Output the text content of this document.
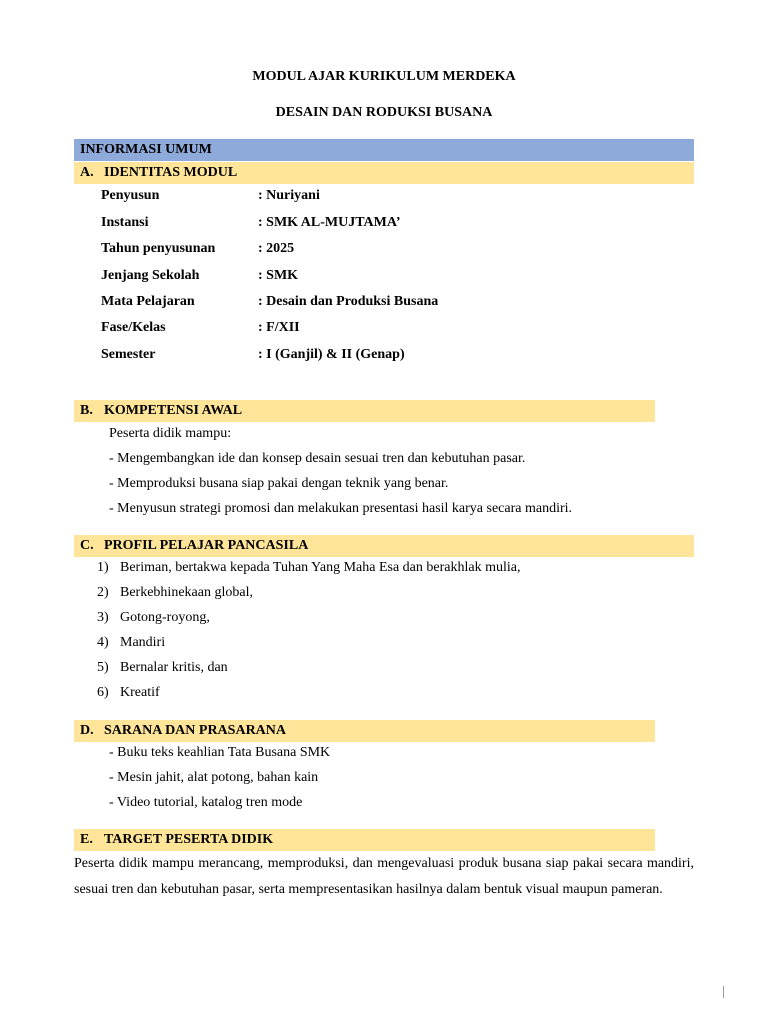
MODUL AJAR KURIKULUM MERDEKA
DESAIN DAN RODUKSI BUSANA
INFORMASI UMUM
A. IDENTITAS MODUL
Penyusun	: Nuriyani
Instansi	: SMK AL-MUJTAMA’
Tahun penyusunan	: 2025
Jenjang Sekolah	: SMK
Mata Pelajaran	: Desain dan Produksi Busana
Fase/Kelas	: F/XII
Semester	: I (Ganjil) & II (Genap)
B. KOMPETENSI AWAL
Peserta didik mampu:
- Mengembangkan ide dan konsep desain sesuai tren dan kebutuhan pasar.
- Memproduksi busana siap pakai dengan teknik yang benar.
- Menyusun strategi promosi dan melakukan presentasi hasil karya secara mandiri.
C. PROFIL PELAJAR PANCASILA
1) Beriman, bertakwa kepada Tuhan Yang Maha Esa dan berakhlak mulia,
2) Berkebhinekaan global,
3) Gotong-royong,
4) Mandiri
5) Bernalar kritis, dan
6) Kreatif
D. SARANA DAN PRASARANA
- Buku teks keahlian Tata Busana SMK
- Mesin jahit, alat potong, bahan kain
- Video tutorial, katalog tren mode
E. TARGET PESERTA DIDIK
Peserta didik mampu merancang, memproduksi, dan mengevaluasi produk busana siap pakai secara mandiri, sesuai tren dan kebutuhan pasar, serta mempresentasikan hasilnya dalam bentuk visual maupun pameran.
